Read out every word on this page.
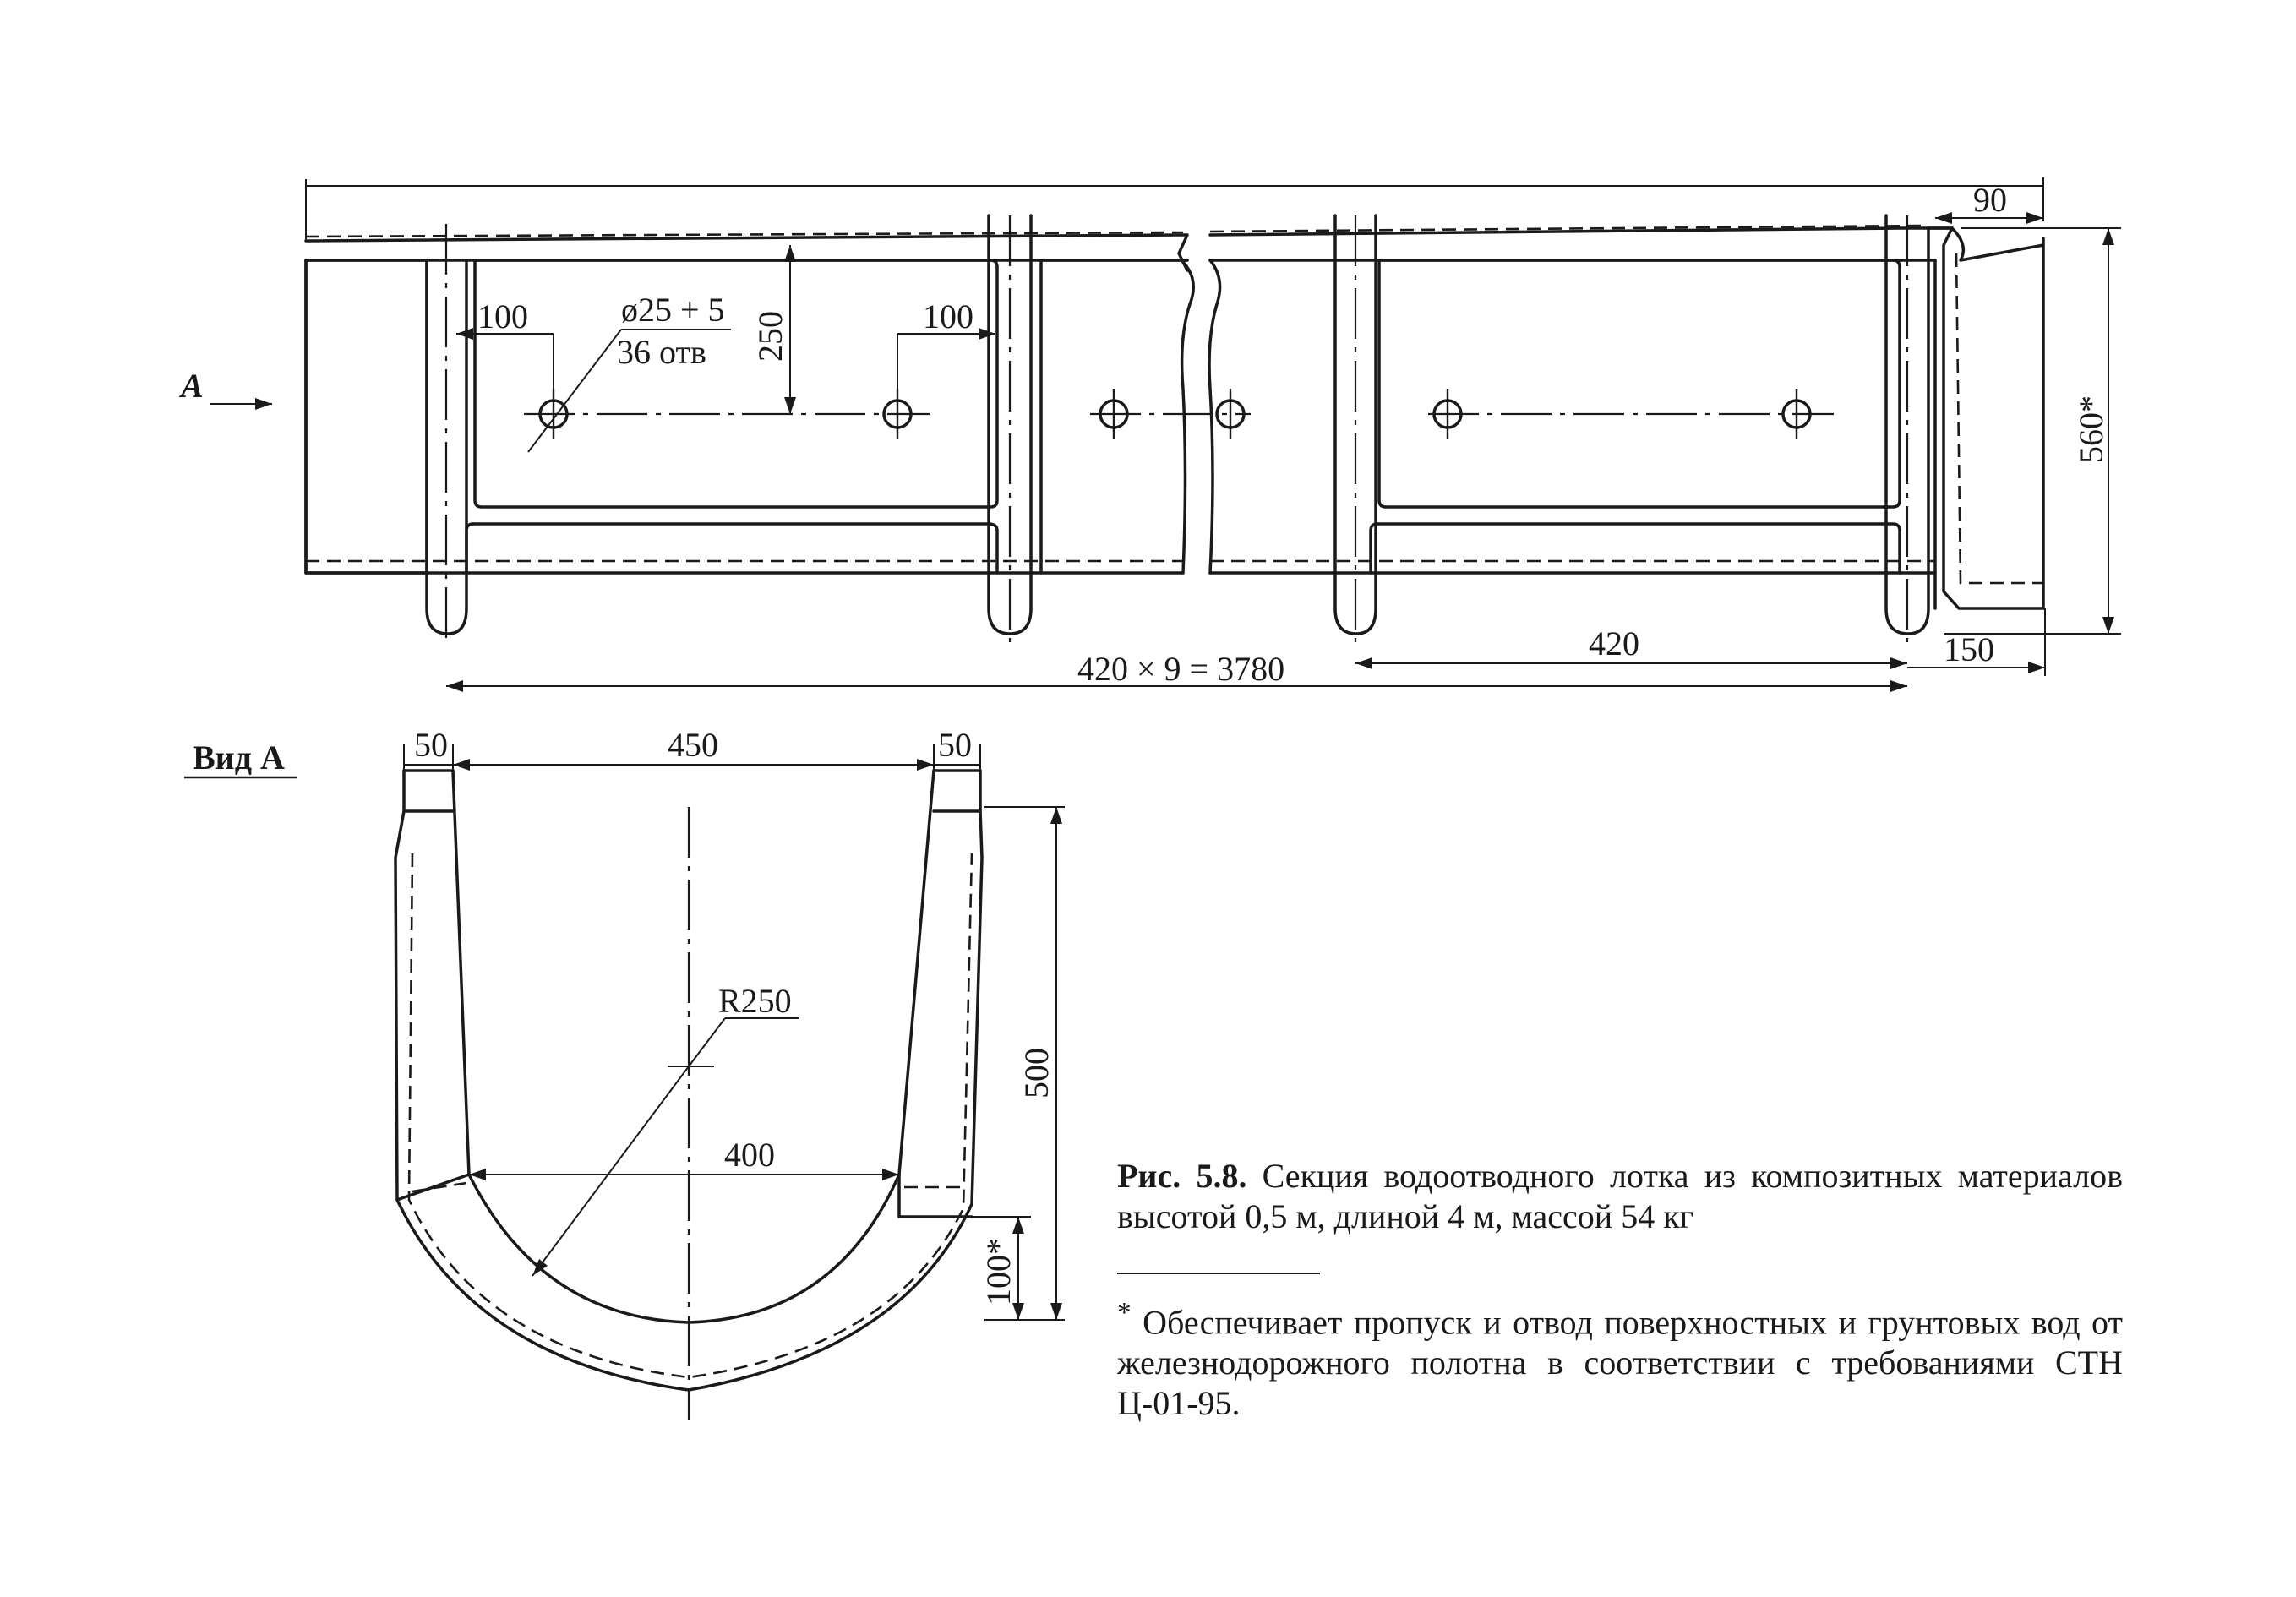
А
90
100	ø25 + 5
36 отв
100
250
560*
420
420 × 9 = 3780
150
Вид А	50	450	50
R250
400
500
100*
Рис. 5.8. Секция водоотводного лотка из композитных материалов высотой 0,5 м, длиной 4 м, массой 54 кг
* Обеспечивает пропуск и отвод поверхностных и грунтовых вод от железнодорожного полотна в соответствии с требованиями СТН Ц-01-95.
